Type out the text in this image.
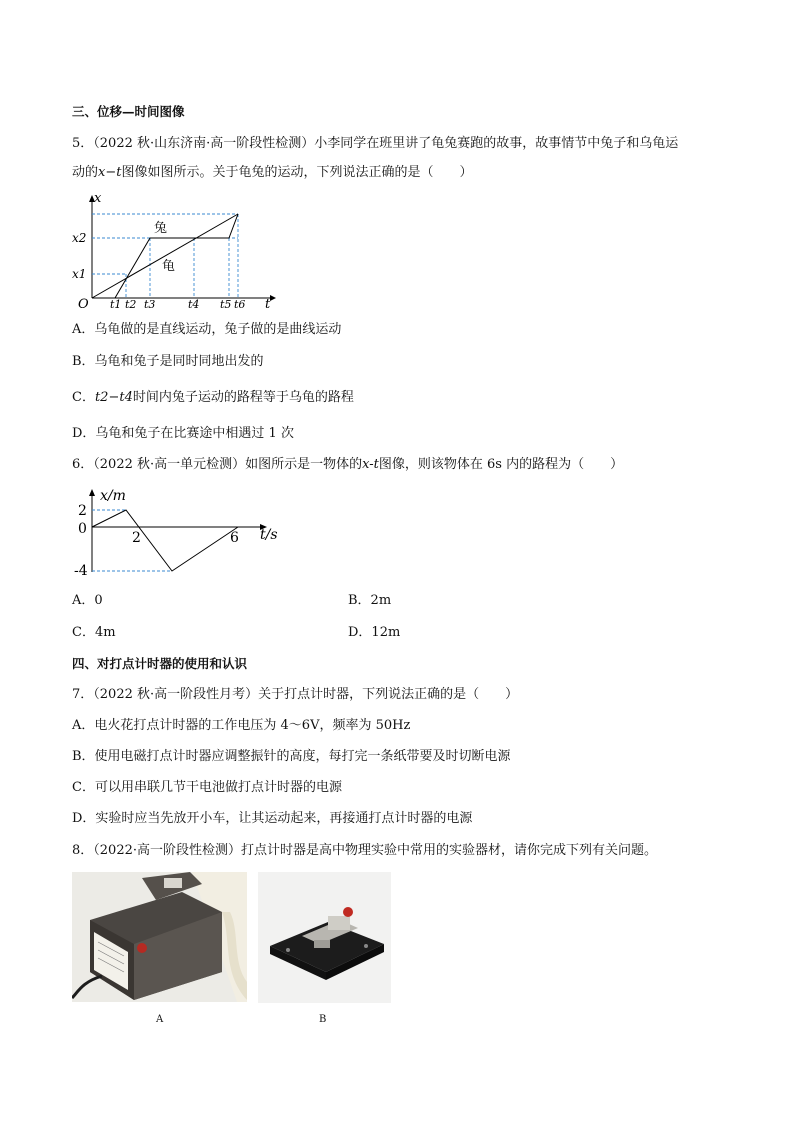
三、位移—时间图像
5．（2022 秋·山东济南·高一阶段性检测）小李同学在班里讲了龟兔赛跑的故事，故事情节中兔子和乌龟运
动的x−t图像如图所示。关于龟兔的运动，下列说法正确的是（　　）
x
x2
x1
O	t
t1 t2 t3	t4 t5 t6
兔
龟
A．乌龟做的是直线运动，兔子做的是曲线运动
B．乌龟和兔子是同时同地出发的
C．t2−t4时间内兔子运动的路程等于乌龟的路程
D．乌龟和兔子在比赛途中相遇过 1 次
6．（2022 秋·高一单元检测）如图所示是一物体的x-t图像，则该物体在 6s 内的路程为（　　）
x/m
2
0
-4
2	6 t/s
A．0	B．2m
C．4m	D．12m
四、对打点计时器的使用和认识
7．（2022 秋·高一阶段性月考）关于打点计时器，下列说法正确的是（　　）
A．电火花打点计时器的工作电压为 4～6V，频率为 50Hz
B．使用电磁打点计时器应调整振针的高度，每打完一条纸带要及时切断电源
C．可以用串联几节干电池做打点计时器的电源
D．实验时应当先放开小车，让其运动起来，再接通打点计时器的电源
8．（2022·高一阶段性检测）打点计时器是高中物理实验中常用的实验器材，请你完成下列有关问题。
A	B
